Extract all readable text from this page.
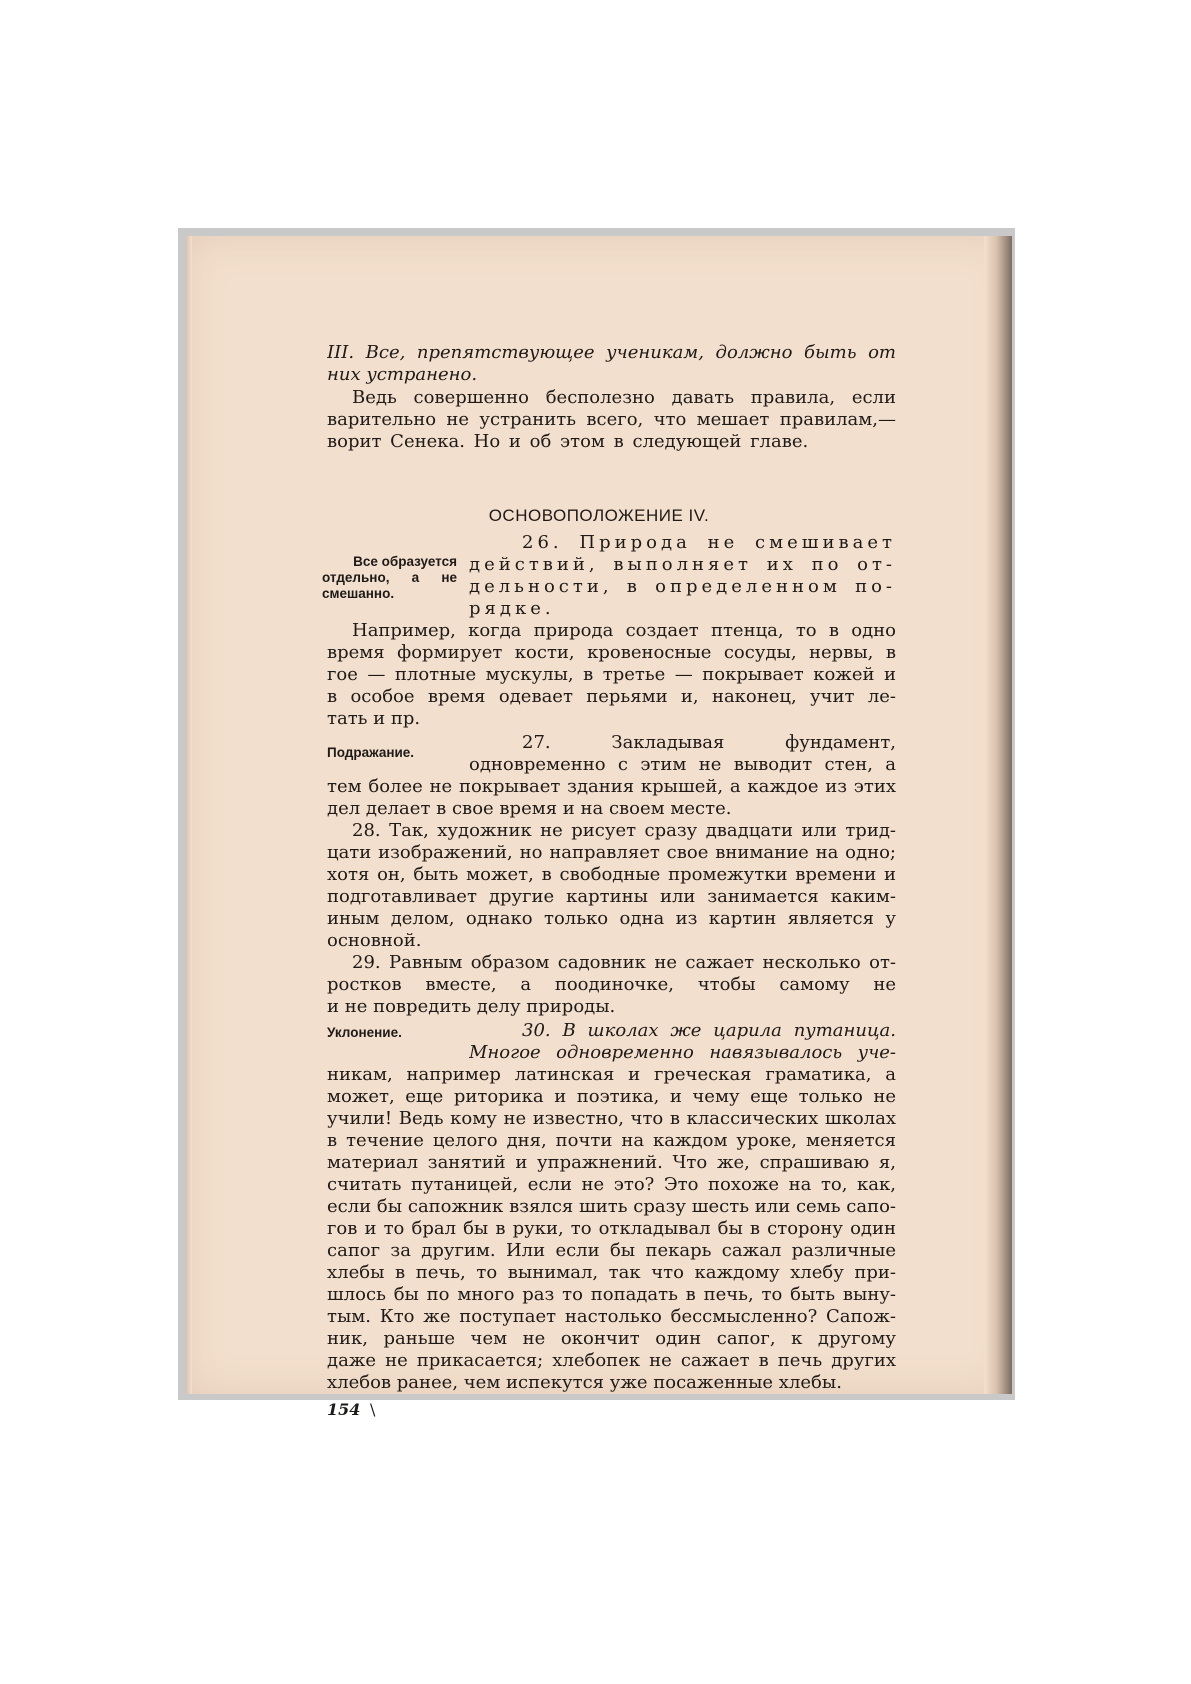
III. Все, препятствующее ученикам, должно быть от
них устранено.
Ведь совершенно бесполезно давать правила, если
варительно не устранить всего, что мешает правилам,—
ворит Сенека. Но и об этом в следующей главе.
ОСНОВОПОЛОЖЕНИЕ IV.
Все образуется
отдельно, а не
смешанно.
26. Природа не смешивает
действий, выполняет их по от-
дельности, в определенном по-
рядке.
Например, когда природа создает птенца, то в одно
время формирует кости, кровеносные сосуды, нервы, в
гое — плотные мускулы, в третье — покрывает кожей и
в особое время одевает перьями и, наконец, учит ле-
тать и пр.
Подражание.	27. Закладывая фундамент,
одновременно с этим не выводит стен, а
тем более не покрывает здания крышей, а каждое из этих
дел делает в свое время и на своем месте.
28. Так, художник не рисует сразу двадцати или трид-
цати изображений, но направляет свое внимание на одно;
хотя он, быть может, в свободные промежутки времени и
подготавливает другие картины или занимается каким-
иным делом, однако только одна из картин является у
основной.
29. Равным образом садовник не сажает несколько от-
ростков вместе, а поодиночке, чтобы самому не
и не повредить делу природы.
Уклонение.	30. В школах же царила путаница.
Многое одновременно навязывалось уче-
никам, например латинская и греческая граматика, а
может, еще риторика и поэтика, и чему еще только не
учили! Ведь кому не известно, что в классических школах
в течение целого дня, почти на каждом уроке, меняется
материал занятий и упражнений. Что же, спрашиваю я,
считать путаницей, если не это? Это похоже на то, как,
если бы сапожник взялся шить сразу шесть или семь сапо-
гов и то брал бы в руки, то откладывал бы в сторону один
сапог за другим. Или если бы пекарь сажал различные
хлебы в печь, то вынимал, так что каждому хлебу при-
шлось бы по много раз то попадать в печь, то быть выну-
тым. Кто же поступает настолько бессмысленно? Сапож-
ник, раньше чем не окончит один сапог, к другому
даже не прикасается; хлебопек не сажает в печь других
хлебов ранее, чем испекутся уже посаженные хлебы.
154 \
